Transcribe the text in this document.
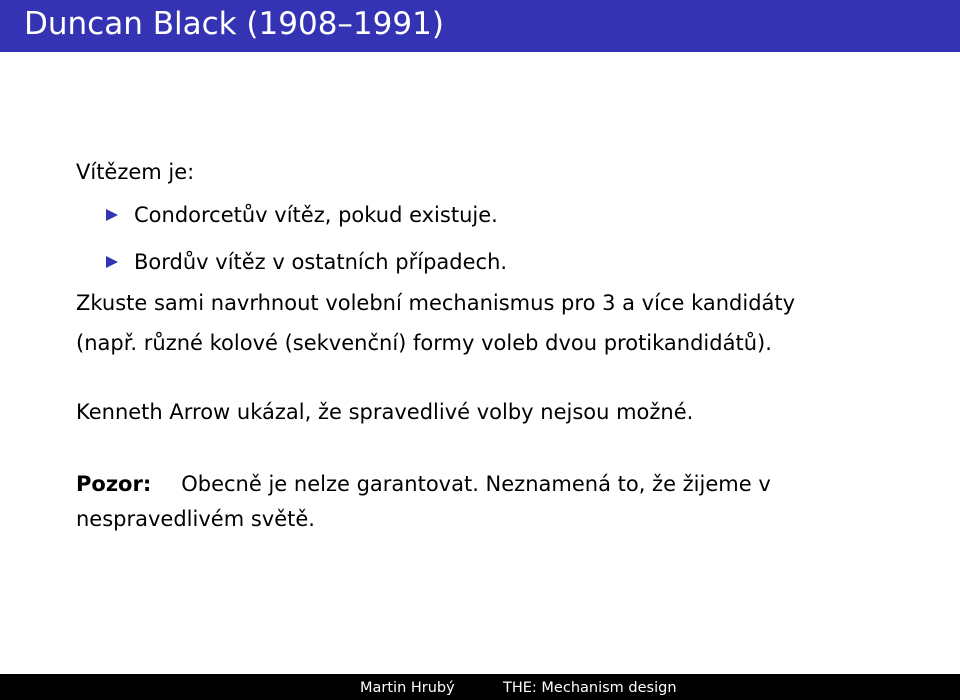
Duncan Black (1908–1991)
Vítězem je:
Condorcetův vítěz, pokud existuje.
Bordův vítěz v ostatních případech.
Zkuste sami navrhnout volební mechanismus pro 3 a více kandidáty
(např. různé kolové (sekvenční) formy voleb dvou protikandidátů).
Kenneth Arrow ukázal, že spravedlivé volby nejsou možné.
Pozor: Obecně je nelze garantovat. Neznamená to, že žijeme v
nespravedlivém světě.
Martin Hrubý	THE: Mechanism design
